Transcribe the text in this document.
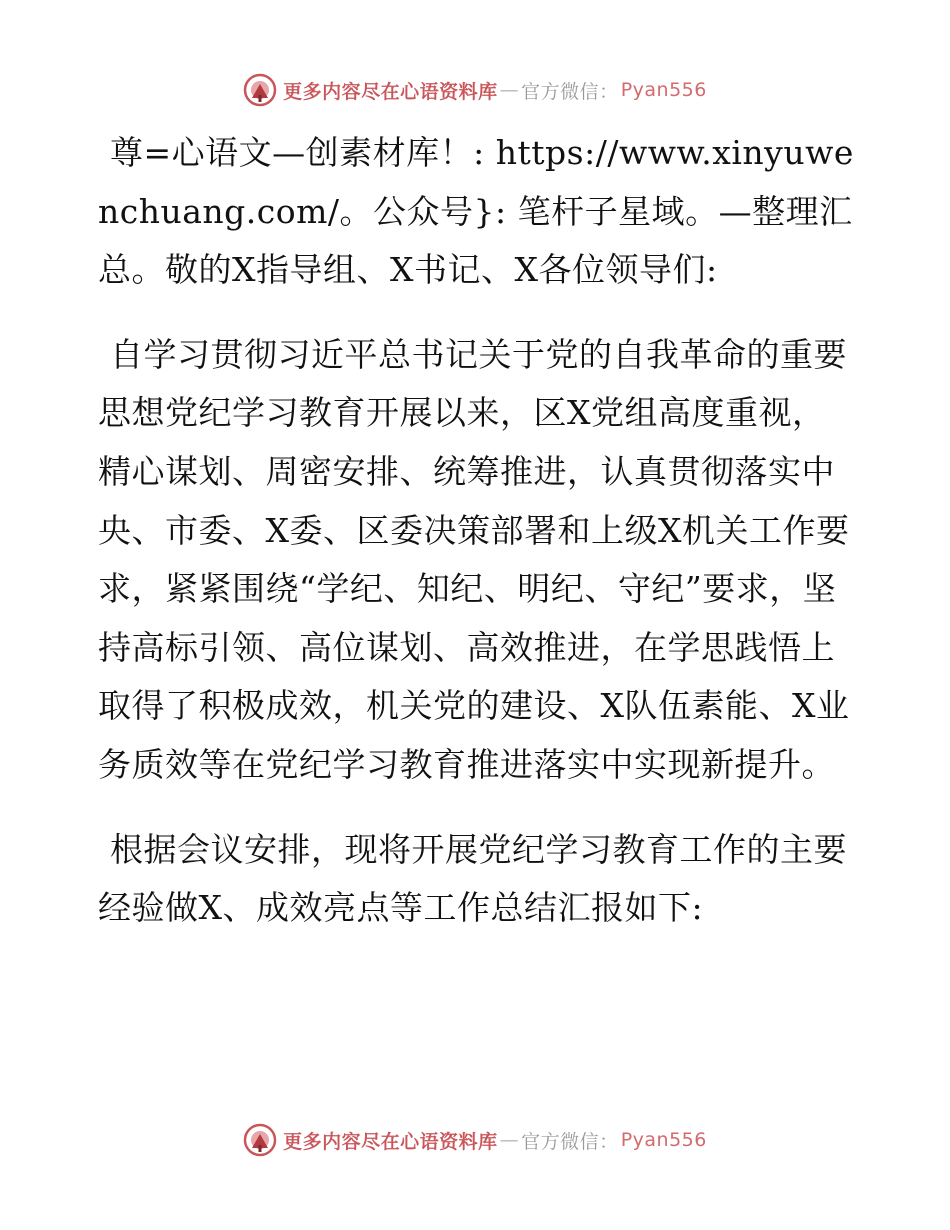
更多内容尽在心语资料库 — 官方微信： Pyan556

尊=心语文—创素材库！: https://www.xinyuwenchuang.com/。公众号}: 笔杆子星域。—整理汇总。敬的X指导组、X书记、X各位领导们:

自学习贯彻习近平总书记关于党的自我革命的重要思想党纪学习教育开展以来，区X党组高度重视，精心谋划、周密安排、统筹推进，认真贯彻落实中央、市委、X委、区委决策部署和上级X机关工作要求，紧紧围绕“学纪、知纪、明纪、守纪”要求，坚持高标引领、高位谋划、高效推进，在学思践悟上取得了积极成效，机关党的建设、X队伍素能、X业务质效等在党纪学习教育推进落实中实现新提升。

根据会议安排，现将开展党纪学习教育工作的主要经验做X、成效亮点等工作总结汇报如下:

更多内容尽在心语资料库 — 官方微信： Pyan556
